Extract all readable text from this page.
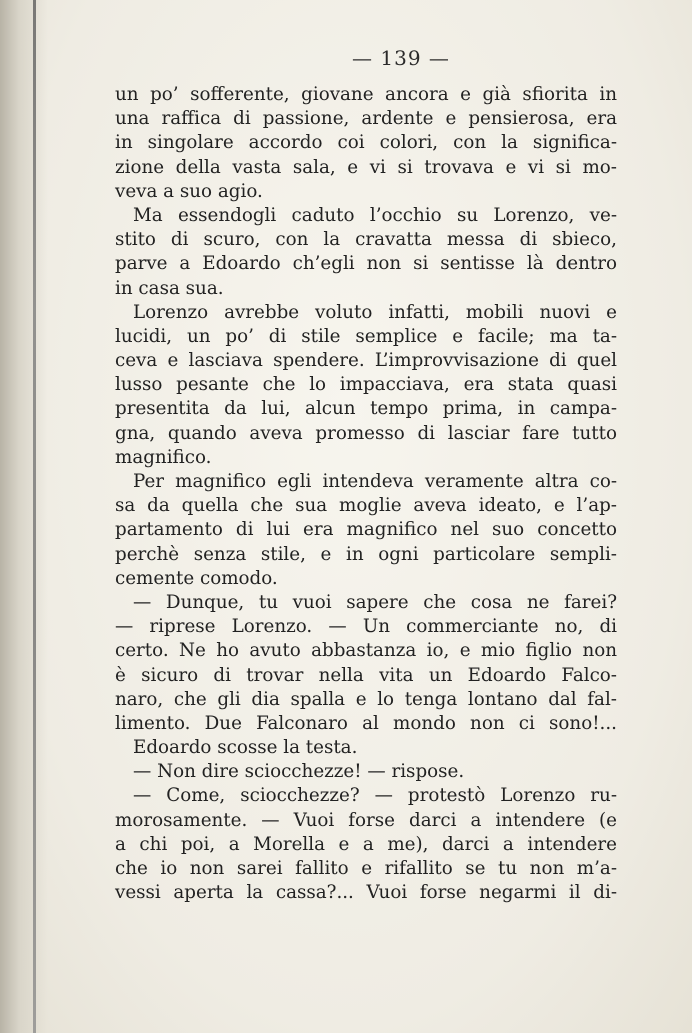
— 139 —
un po’ sofferente, giovane ancora e già sfiorita in
una raffica di passione, ardente e pensierosa, era
in singolare accordo coi colori, con la significa-
zione della vasta sala, e vi si trovava e vi si mo-
veva a suo agio.
Ma essendogli caduto l’occhio su Lorenzo, ve-
stito di scuro, con la cravatta messa di sbieco,
parve a Edoardo ch’egli non si sentisse là dentro
in casa sua.
Lorenzo avrebbe voluto infatti, mobili nuovi e
lucidi, un po’ di stile semplice e facile; ma ta-
ceva e lasciava spendere. L’improvvisazione di quel
lusso pesante che lo impacciava, era stata quasi
presentita da lui, alcun tempo prima, in campa-
gna, quando aveva promesso di lasciar fare tutto
magnifico.
Per magnifico egli intendeva veramente altra co-
sa da quella che sua moglie aveva ideato, e l’ap-
partamento di lui era magnifico nel suo concetto
perchè senza stile, e in ogni particolare sempli-
cemente comodo.
— Dunque, tu vuoi sapere che cosa ne farei?
— riprese Lorenzo. — Un commerciante no, di
certo. Ne ho avuto abbastanza io, e mio figlio non
è sicuro di trovar nella vita un Edoardo Falco-
naro, che gli dia spalla e lo tenga lontano dal fal-
limento. Due Falconaro al mondo non ci sono!...
Edoardo scosse la testa.
— Non dire sciocchezze! — rispose.
— Come, sciocchezze? — protestò Lorenzo ru-
morosamente. — Vuoi forse darci a intendere (e
a chi poi, a Morella e a me), darci a intendere
che io non sarei fallito e rifallito se tu non m’a-
vessi aperta la cassa?... Vuoi forse negarmi il di-
